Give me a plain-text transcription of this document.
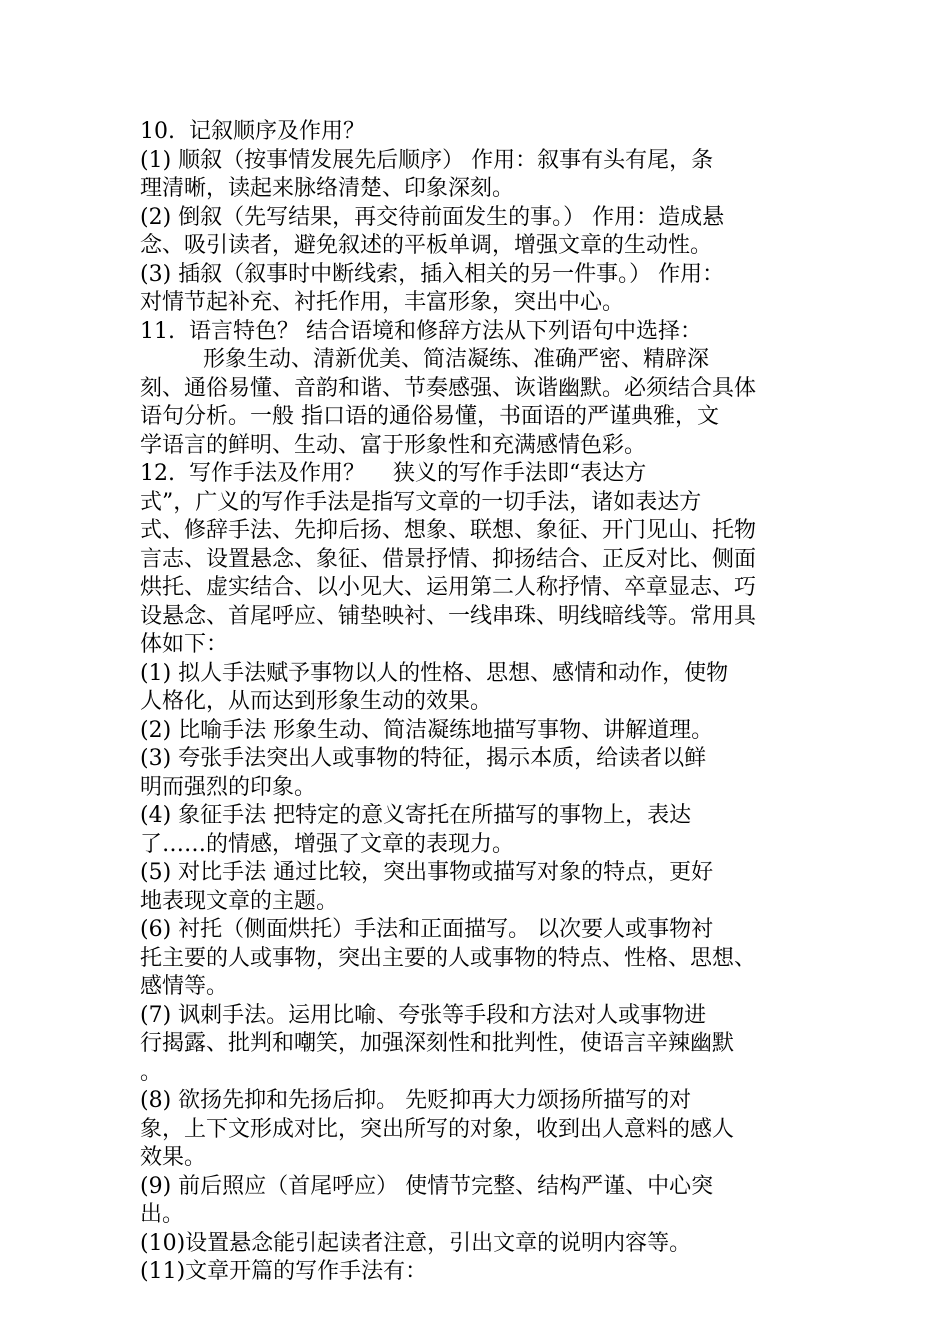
10.  记叙顺序及作用？
(1) 顺叙（按事情发展先后顺序） 作用：叙事有头有尾，条
理清晰，读起来脉络清楚、印象深刻。
(2) 倒叙（先写结果，再交待前面发生的事。） 作用：造成悬
念、吸引读者，避免叙述的平板单调，增强文章的生动性。
(3) 插叙（叙事时中断线索，插入相关的另一件事。） 作用：
对情节起补充、衬托作用，丰富形象，突出中心。
11.  语言特色？ 结合语境和修辞方法从下列语句中选择：
形象生动、清新优美、简洁凝练、准确严密、精辟深
刻、通俗易懂、音韵和谐、节奏感强、诙谐幽默。必须结合具体
语句分析。一般 指口语的通俗易懂，书面语的严谨典雅，文
学语言的鲜明、生动、富于形象性和充满感情色彩。
12.  写作手法及作用？    狭义的写作手法即“表达方
式”，广义的写作手法是指写文章的一切手法，诸如表达方
式、修辞手法、先抑后扬、想象、联想、象征、开门见山、托物
言志、设置悬念、象征、借景抒情、抑扬结合、正反对比、侧面
烘托、虚实结合、以小见大、运用第二人称抒情、卒章显志、巧
设悬念、首尾呼应、铺垫映衬、一线串珠、明线暗线等。常用具
体如下：
(1) 拟人手法赋予事物以人的性格、思想、感情和动作，使物
人格化，从而达到形象生动的效果。
(2) 比喻手法 形象生动、简洁凝练地描写事物、讲解道理。
(3) 夸张手法突出人或事物的特征，揭示本质，给读者以鲜
明而强烈的印象。
(4) 象征手法 把特定的意义寄托在所描写的事物上，表达
了……的情感，增强了文章的表现力。
(5) 对比手法 通过比较，突出事物或描写对象的特点，更好
地表现文章的主题。
(6) 衬托（侧面烘托）手法和正面描写。 以次要人或事物衬
托主要的人或事物，突出主要的人或事物的特点、性格、思想、
感情等。
(7) 讽刺手法。运用比喻、夸张等手段和方法对人或事物进
行揭露、批判和嘲笑，加强深刻性和批判性，使语言辛辣幽默
。
(8) 欲扬先抑和先扬后抑。 先贬抑再大力颂扬所描写的对
象，上下文形成对比，突出所写的对象，收到出人意料的感人
效果。
(9) 前后照应（首尾呼应） 使情节完整、结构严谨、中心突
出。
(10)设置悬念能引起读者注意，引出文章的说明内容等。
(11)文章开篇的写作手法有：
